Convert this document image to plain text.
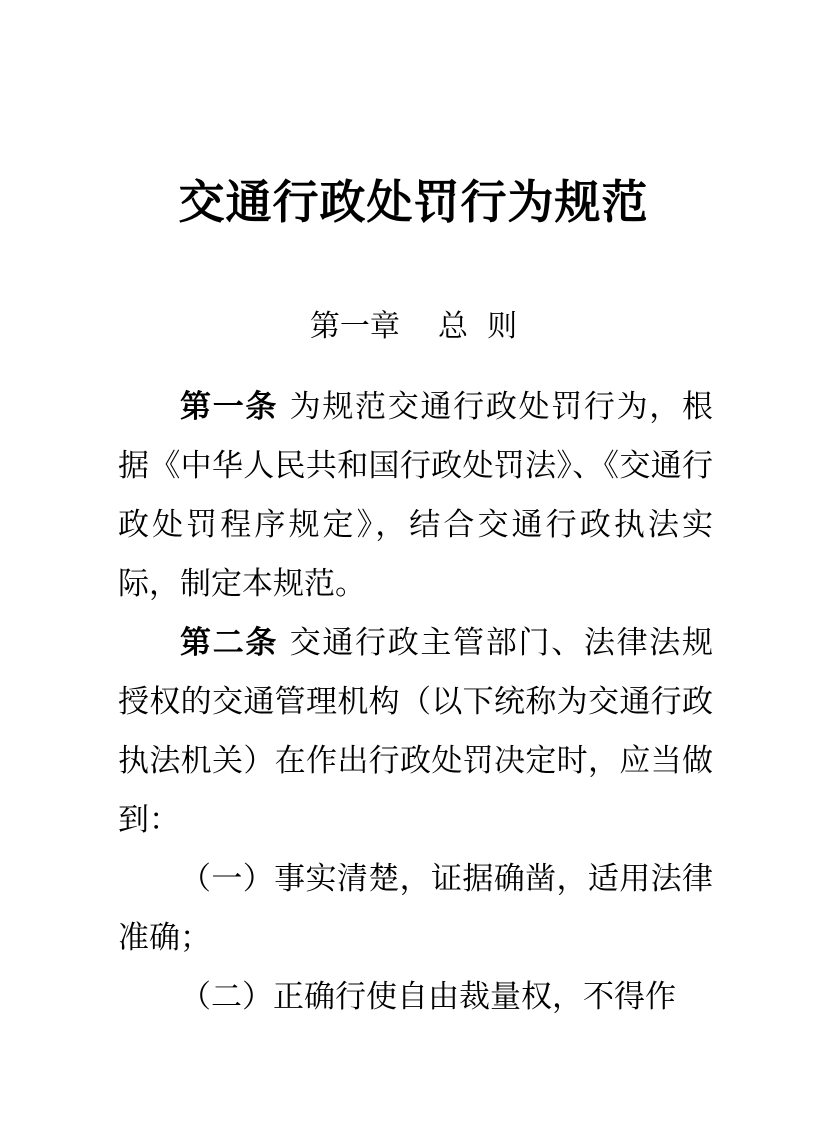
交通行政处罚行为规范
第一章    总  则

第一条 为规范交通行政处罚行为，根据《中华人民共和国行政处罚法》、《交通行政处罚程序规定》，结合交通行政执法实际，制定本规范。

第二条 交通行政主管部门、法律法规授权的交通管理机构（以下统称为交通行政执法机关）在作出行政处罚决定时，应当做到：

（一）事实清楚，证据确凿，适用法律准确；

（二）正确行使自由裁量权，不得作
